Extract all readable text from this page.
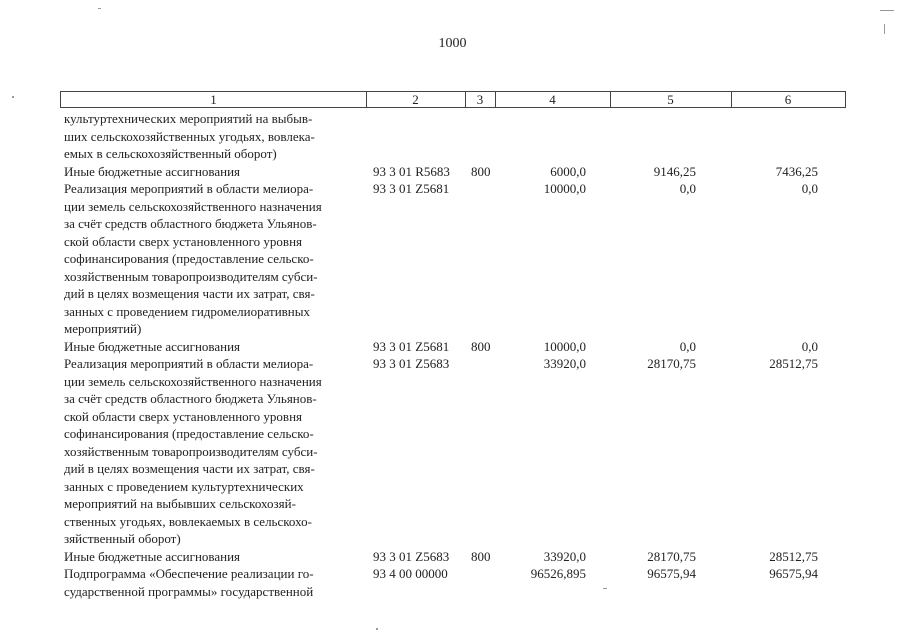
1000
1	2	3	4	5	6
культуртехнических мероприятий на выбыв-
ших сельскохозяйственных угодьях, вовлека-
емых в сельскохозяйственный оборот)
Иные бюджетные ассигнования	93 3 01 R5683 800	6000,0	9146,25	7436,25
Реализация мероприятий в области мелиора-
ции земель сельскохозяйственного назначения
за счёт средств областного бюджета Ульянов-
ской области сверх установленного уровня
софинансирования (предоставление сельско-
хозяйственным товаропроизводителям субси-
дий в целях возмещения части их затрат, свя-
занных с проведением гидромелиоративных
мероприятий)
93 3 01 Z5681	10000,0	0,0	0,0
Иные бюджетные ассигнования	93 3 01 Z5681 800	10000,0	0,0	0,0
Реализация мероприятий в области мелиора-
ции земель сельскохозяйственного назначения
за счёт средств областного бюджета Ульянов-
ской области сверх установленного уровня
софинансирования (предоставление сельско-
хозяйственным товаропроизводителям субси-
дий в целях возмещения части их затрат, свя-
занных с проведением культуртехнических
мероприятий на выбывших сельскохозяй-
ственных угодьях, вовлекаемых в сельскохо-
зяйственный оборот)
93 3 01 Z5683	33920,0	28170,75	28512,75
Иные бюджетные ассигнования	93 3 01 Z5683 800	33920,0	28170,75	28512,75
Подпрограмма «Обеспечение реализации го-
сударственной программы» государственной
93 4 00 00000	96526,895	96575,94	96575,94
